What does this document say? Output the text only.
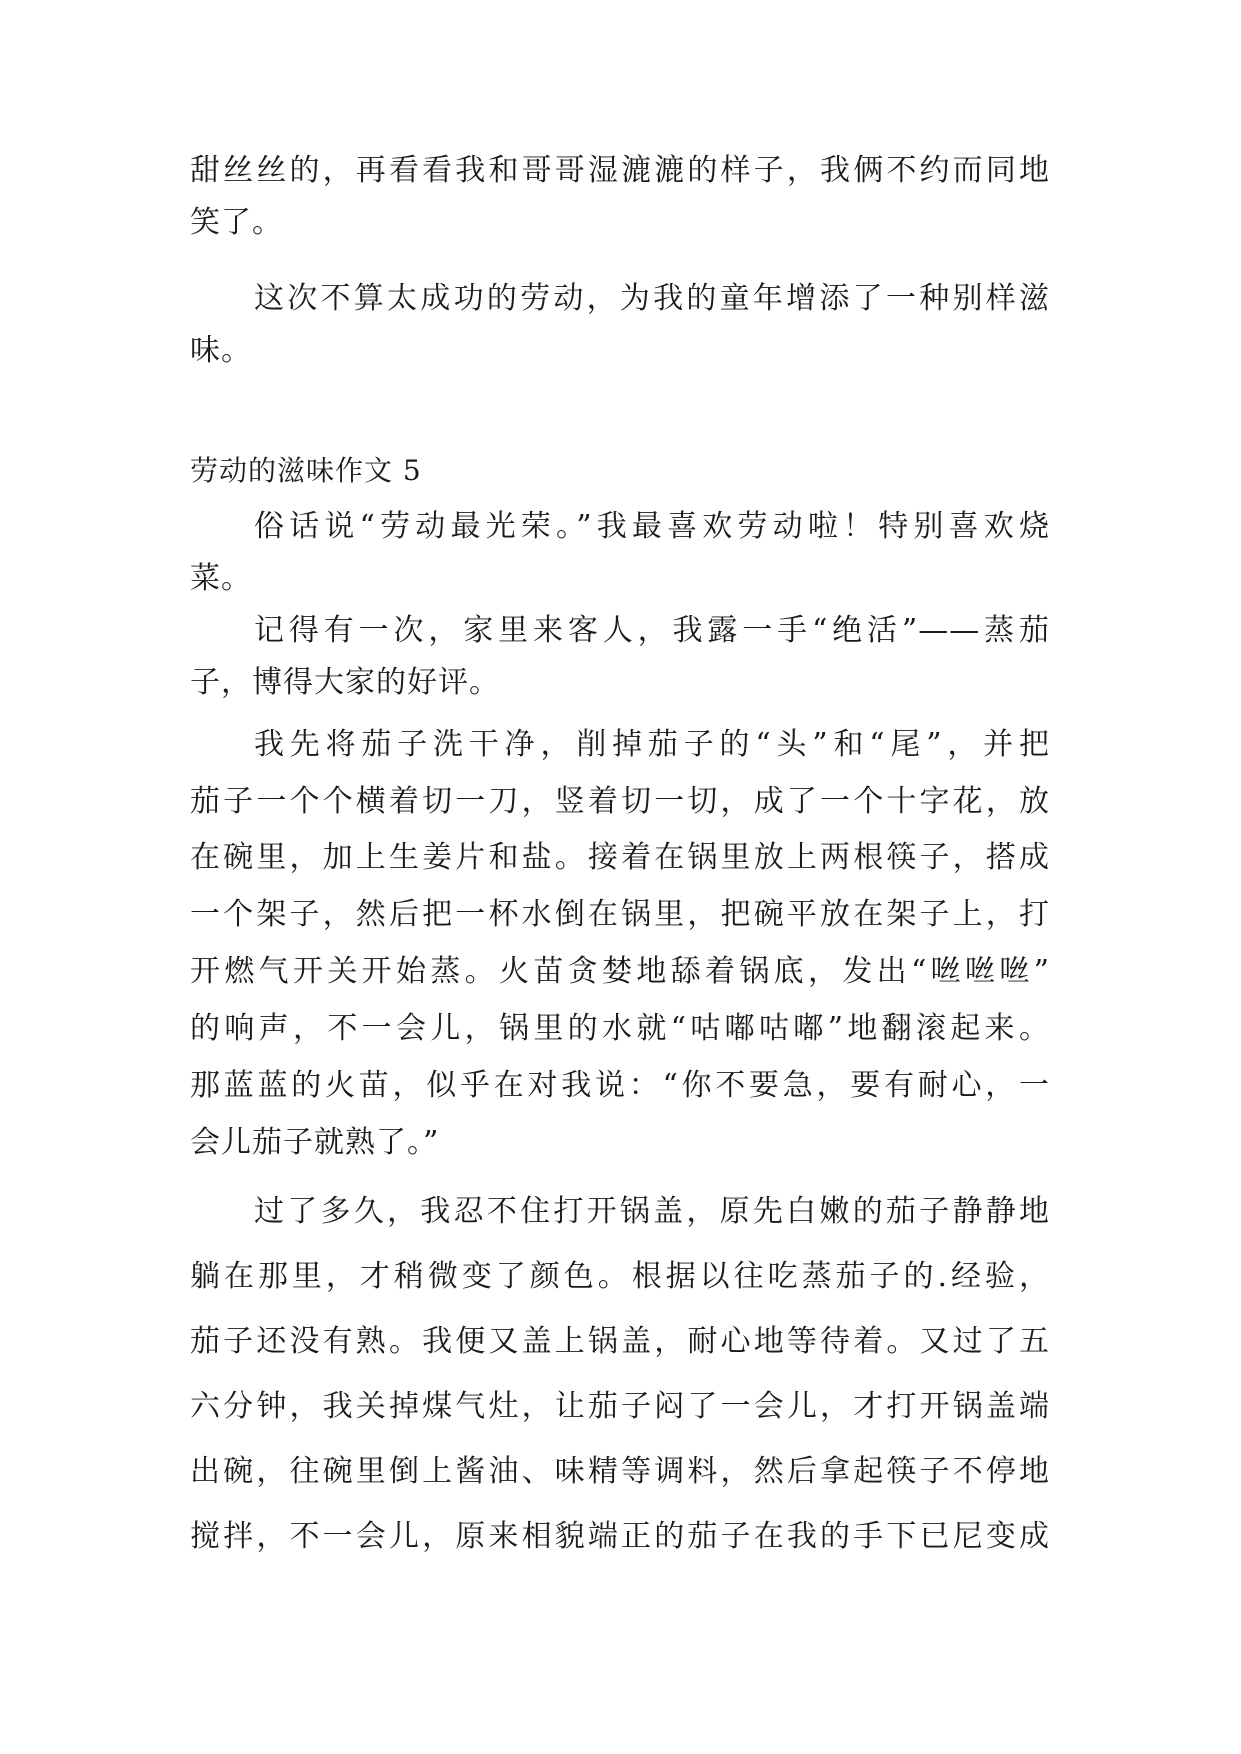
甜丝丝的，再看看我和哥哥湿漉漉的样子，我俩不约而同地
笑了。
这次不算太成功的劳动，为我的童年增添了一种别样滋
味。
劳动的滋味作文 5
俗话说“劳动最光荣。”我最喜欢劳动啦！特别喜欢烧
菜。
记得有一次，家里来客人，我露一手“绝活”——蒸茄
子，博得大家的好评。
我先将茄子洗干净，削掉茄子的“头”和“尾”，并把
茄子一个个横着切一刀，竖着切一切，成了一个十字花，放
在碗里，加上生姜片和盐。接着在锅里放上两根筷子，搭成
一个架子，然后把一杯水倒在锅里，把碗平放在架子上，打
开燃气开关开始蒸。火苗贪婪地舔着锅底，发出“咝咝咝”
的响声，不一会儿，锅里的水就“咕嘟咕嘟”地翻滚起来。
那蓝蓝的火苗，似乎在对我说：“你不要急，要有耐心，一
会儿茄子就熟了。”
过了多久，我忍不住打开锅盖，原先白嫩的茄子静静地
躺在那里，才稍微变了颜色。根据以往吃蒸茄子的.经验，
茄子还没有熟。我便又盖上锅盖，耐心地等待着。又过了五
六分钟，我关掉煤气灶，让茄子闷了一会儿，才打开锅盖端
出碗，往碗里倒上酱油、味精等调料，然后拿起筷子不停地
搅拌，不一会儿，原来相貌端正的茄子在我的手下已尼变成
